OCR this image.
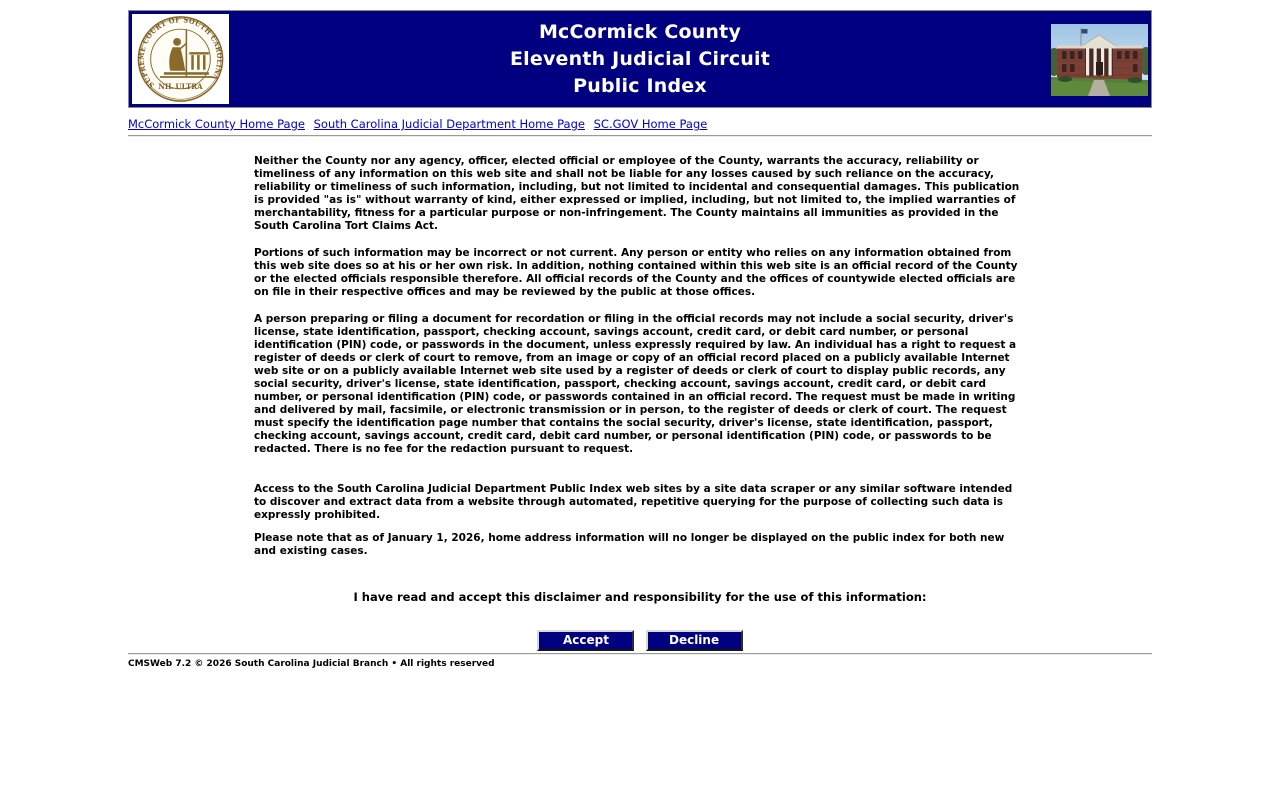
SUPREME COURT OF SOUTH CAROLINA
NIL ULTRA
McCormick County
Eleventh Judicial Circuit
Public Index
McCormick County Home Page South Carolina Judicial Department Home Page SC.GOV Home Page

Neither the County nor any agency, officer, elected official or employee of the County, warrants the accuracy, reliability or timeliness of any information on this web site and shall not be liable for any losses caused by such reliance on the accuracy, reliability or timeliness of such information, including, but not limited to incidental and consequential damages. This publication is provided "as is" without warranty of kind, either expressed or implied, including, but not limited to, the implied warranties of merchantability, fitness for a particular purpose or non-infringement. The County maintains all immunities as provided in the South Carolina Tort Claims Act.

Portions of such information may be incorrect or not current. Any person or entity who relies on any information obtained from this web site does so at his or her own risk. In addition, nothing contained within this web site is an official record of the County or the elected officials responsible therefore. All official records of the County and the offices of countywide elected officials are on file in their respective offices and may be reviewed by the public at those offices.

A person preparing or filing a document for recordation or filing in the official records may not include a social security, driver's license, state identification, passport, checking account, savings account, credit card, or debit card number, or personal identification (PIN) code, or passwords in the document, unless expressly required by law. An individual has a right to request a register of deeds or clerk of court to remove, from an image or copy of an official record placed on a publicly available Internet web site or on a publicly available Internet web site used by a register of deeds or clerk of court to display public records, any social security, driver's license, state identification, passport, checking account, savings account, credit card, or debit card number, or personal identification (PIN) code, or passwords contained in an official record. The request must be made in writing and delivered by mail, facsimile, or electronic transmission or in person, to the register of deeds or clerk of court. The request must specify the identification page number that contains the social security, driver's license, state identification, passport, checking account, savings account, credit card, debit card number, or personal identification (PIN) code, or passwords to be redacted. There is no fee for the redaction pursuant to request.

Access to the South Carolina Judicial Department Public Index web sites by a site data scraper or any similar software intended to discover and extract data from a website through automated, repetitive querying for the purpose of collecting such data is expressly prohibited.

Please note that as of January 1, 2026, home address information will no longer be displayed on the public index for both new and existing cases.

I have read and accept this disclaimer and responsibility for the use of this information:
Accept	Decline
CMSWeb 7.2 © 2026 South Carolina Judicial Branch • All rights reserved
